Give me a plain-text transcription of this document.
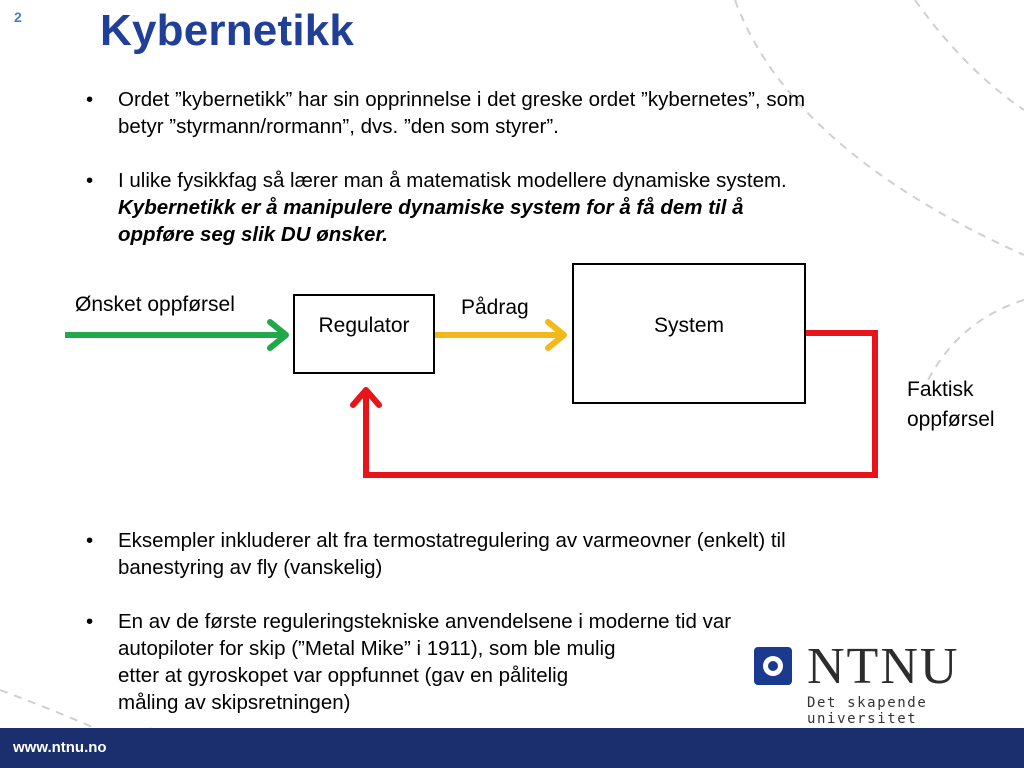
2 Kybernetikk
• Ordet ”kybernetikk” har sin opprinnelse i det greske ordet ”kybernetes”, som
betyr ”styrmann/rormann”, dvs. ”den som styrer”.
• I ulike fysikkfag så lærer man å matematisk modellere dynamiske system.
Kybernetikk er å manipulere dynamiske system for å få dem til å
oppføre seg slik DU ønsker.
Ønsket oppførsel
Regulator
Pådrag
System
Faktisk
oppførsel
• Eksempler inkluderer alt fra termostatregulering av varmeovner (enkelt) til
banestyring av fly (vanskelig)
• En av de første reguleringstekniske anvendelsene i moderne tid var
autopiloter for skip (”Metal Mike” i 1911), som ble mulig
etter at gyroskopet var oppfunnet (gav en pålitelig
måling av skipsretningen)
NTNU
Det skapende universitet
www.ntnu.no
